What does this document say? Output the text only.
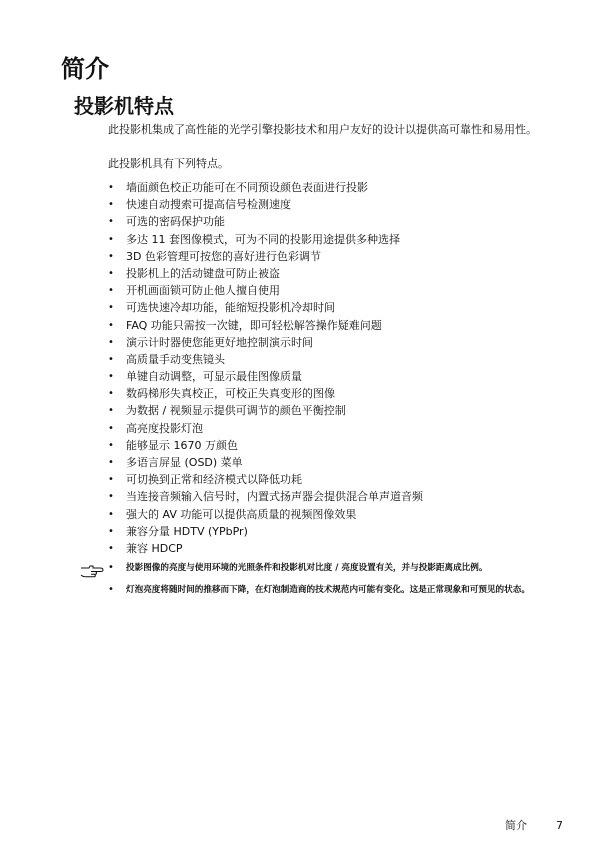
简介
投影机特点

此投影机集成了高性能的光学引擎投影技术和用户友好的设计以提供高可靠性和易用性。

此投影机具有下列特点。

• 墙面颜色校正功能可在不同预设颜色表面进行投影
• 快速自动搜索可提高信号检测速度
• 可选的密码保护功能
• 多达 11 套图像模式，可为不同的投影用途提供多种选择
• 3D 色彩管理可按您的喜好进行色彩调节
• 投影机上的活动键盘可防止被盗
• 开机画面锁可防止他人擅自使用
• 可选快速冷却功能，能缩短投影机冷却时间
• FAQ 功能只需按一次键，即可轻松解答操作疑难问题
• 演示计时器使您能更好地控制演示时间
• 高质量手动变焦镜头
• 单键自动调整，可显示最佳图像质量
• 数码梯形失真校正，可校正失真变形的图像
• 为数据 / 视频显示提供可调节的颜色平衡控制
• 高亮度投影灯泡
• 能够显示 1670 万颜色
• 多语言屏显 (OSD) 菜单
• 可切换到正常和经济模式以降低功耗
• 当连接音频输入信号时，内置式扬声器会提供混合单声道音频
• 强大的 AV 功能可以提供高质量的视频图像效果
• 兼容分量 HDTV (YPbPr)
• 兼容 HDCP
• 投影图像的亮度与使用环境的光照条件和投影机对比度 / 亮度设置有关，并与投影距离成比例。
• 灯泡亮度将随时间的推移而下降，在灯泡制造商的技术规范内可能有变化。这是正常现象和可预见的状态。
简介	7
